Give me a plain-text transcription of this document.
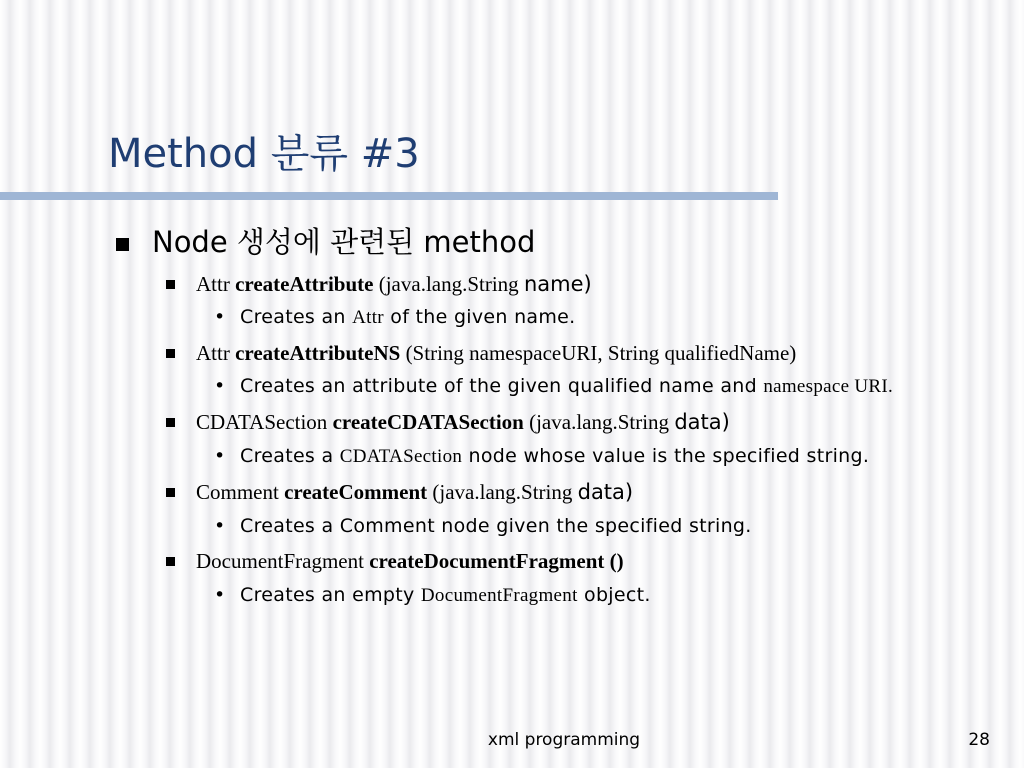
Method 분류 #3
Node 생성에 관련된 method
Attr createAttribute (java.lang.String name)
• Creates an Attr of the given name.
Attr createAttributeNS (String namespaceURI, String qualifiedName)
• Creates an attribute of the given qualified name and namespace URI.
CDATASection createCDATASection (java.lang.String data)
• Creates a CDATASection node whose value is the specified string.
Comment createComment (java.lang.String data)
• Creates a Comment node given the specified string.
DocumentFragment createDocumentFragment ()
• Creates an empty DocumentFragment object.
xml programming	28
